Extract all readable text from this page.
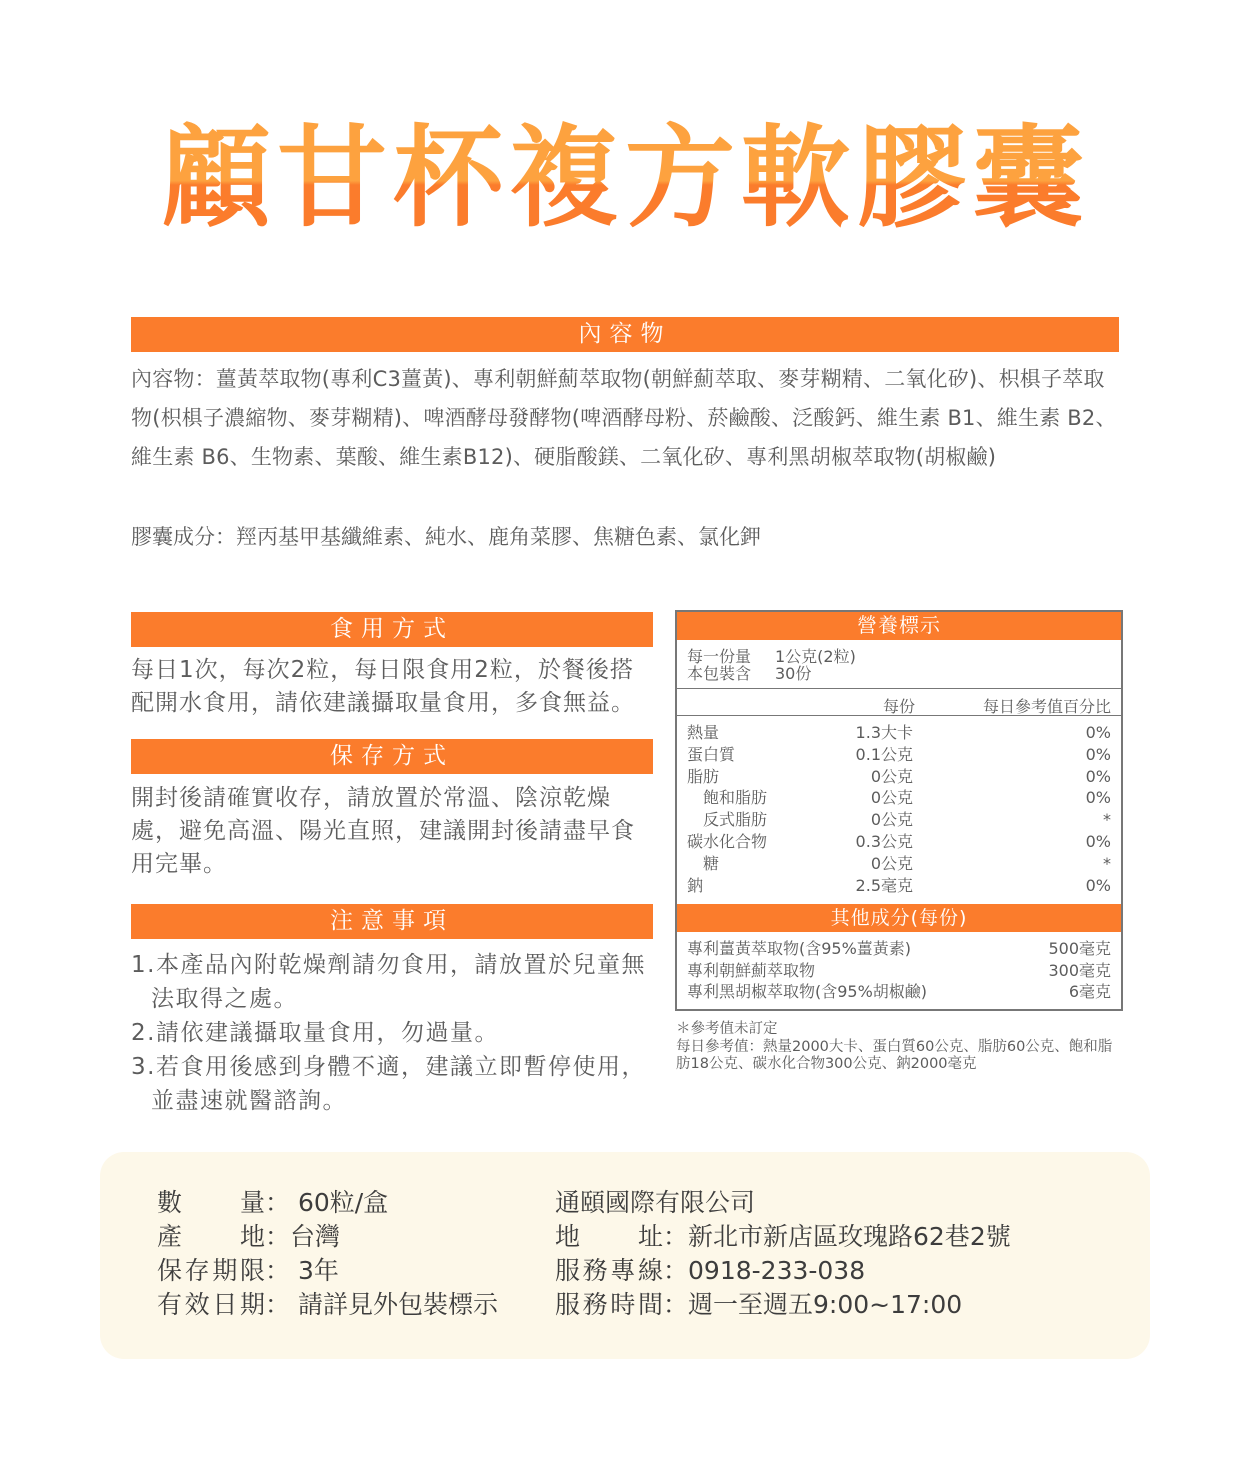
顧甘杯複方軟膠囊
內容物

內容物：薑黃萃取物(專利C3薑黃)、專利朝鮮薊萃取物(朝鮮薊萃取、麥芽糊精、二氧化矽)、枳椇子萃取物(枳椇子濃縮物、麥芽糊精)、啤酒酵母發酵物(啤酒酵母粉、菸鹼酸、泛酸鈣、維生素 B1、維生素 B2、維生素 B6、生物素、葉酸、維生素B12)、硬脂酸鎂、二氧化矽、專利黑胡椒萃取物(胡椒鹼)

膠囊成分：羥丙基甲基纖維素、純水、鹿角菜膠、焦糖色素、氯化鉀

食用方式

每日1次，每次2粒，每日限食用2粒，於餐後搭配開水食用，請依建議攝取量食用，多食無益。

保存方式

開封後請確實收存，請放置於常溫、陰涼乾燥處，避免高溫、陽光直照，建議開封後請盡早食用完畢。

注意事項
1.本產品內附乾燥劑請勿食用，請放置於兒童無法取得之處。
2.請依建議攝取量食用，勿過量。
3.若食用後感到身體不適，建議立即暫停使用，並盡速就醫諮詢。
營養標示
每一份量 1公克(2粒)
本包裝含 30份
每份	每日參考值百分比
熱量	1.3大卡	0%
蛋白質	0.1公克	0%
脂肪	0公克	0%
飽和脂肪	0公克	0%
反式脂肪	0公克	*
碳水化合物	0.3公克	0%
糖	0公克	*
鈉	2.5毫克	0%
其他成分(每份)
專利薑黃萃取物(含95%薑黃素)	500毫克
專利朝鮮薊萃取物	300毫克
專利黑胡椒萃取物(含95%胡椒鹼)	6毫克
＊參考值未訂定
每日參考值：熱量2000大卡、蛋白質60公克、脂肪60公克、飽和脂肪18公克、碳水化合物300公克、鈉2000毫克
數量： 60粒/盒
產地：台灣
保存期限： 3年
有效日期： 請詳見外包裝標示
通頤國際有限公司
地址：新北市新店區玫瑰路62巷2號
服務專線：0918-233-038
服務時間：週一至週五9:00~17:00
